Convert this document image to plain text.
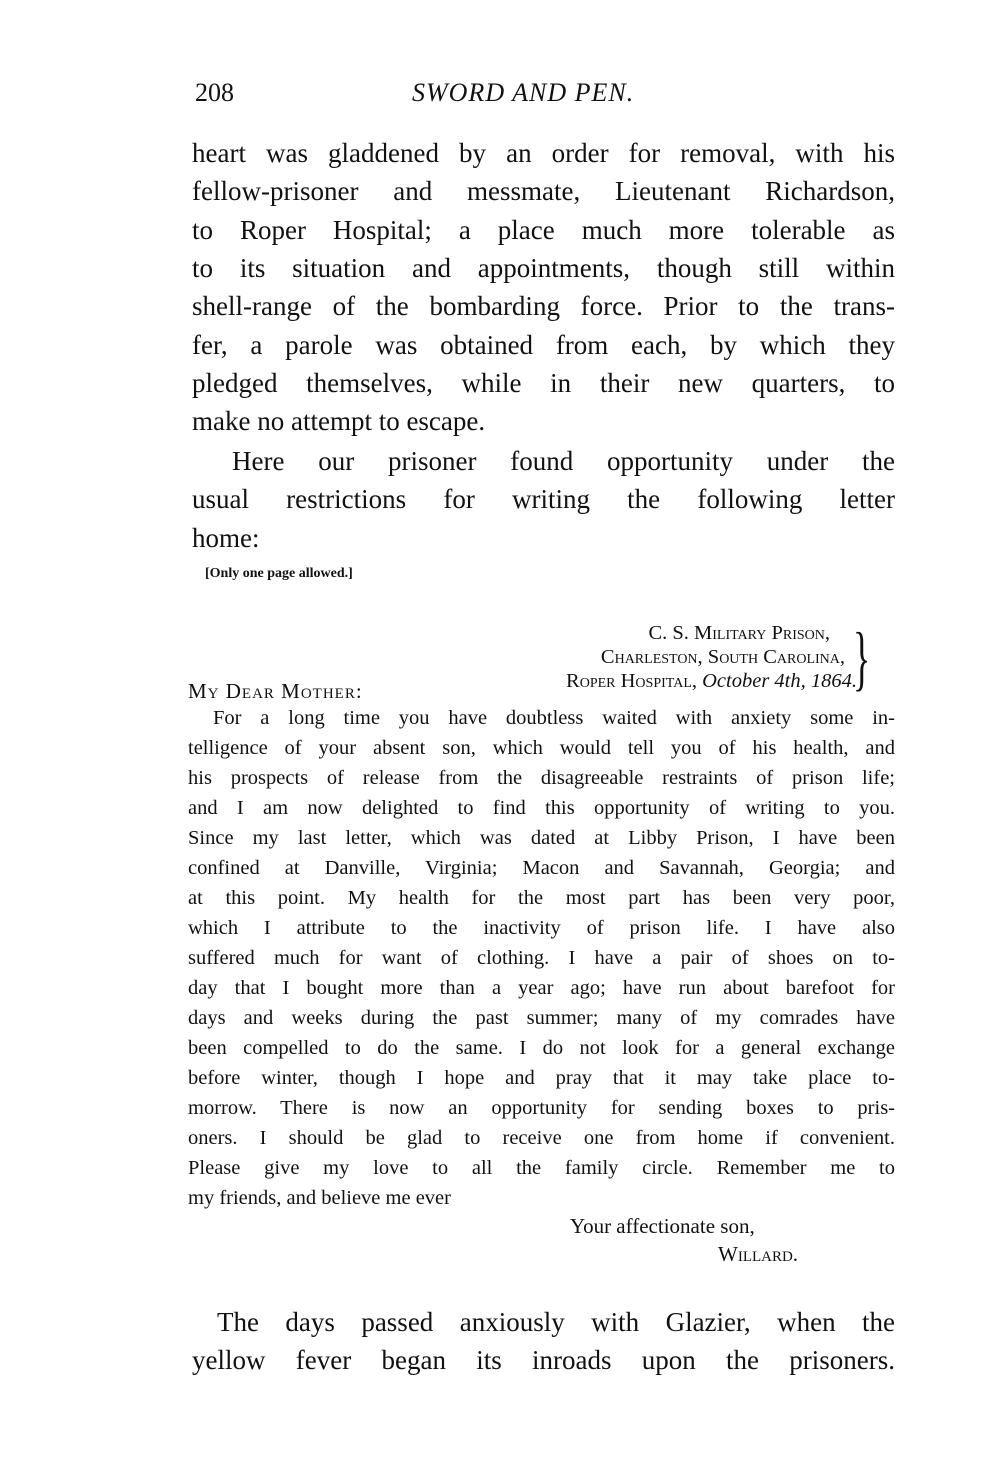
208	SWORD AND PEN.
heart was gladdened by an order for removal, with his
fellow-prisoner and messmate, Lieutenant Richardson,
to Roper Hospital; a place much more tolerable as
to its situation and appointments, though still within
shell-range of the bombarding force. Prior to the trans-
fer, a parole was obtained from each, by which they
pledged themselves, while in their new quarters, to
make no attempt to escape.
Here our prisoner found opportunity under the
usual restrictions for writing the following letter
home:
[Only one page allowed.]
C. S. Military Prison,
Charleston, South Carolina,
Roper Hospital, October 4th, 1864.
}
My Dear Mother:
For a long time you have doubtless waited with anxiety some in-
telligence of your absent son, which would tell you of his health, and
his prospects of release from the disagreeable restraints of prison life;
and I am now delighted to find this opportunity of writing to you.
Since my last letter, which was dated at Libby Prison, I have been
confined at Danville, Virginia; Macon and Savannah, Georgia; and
at this point. My health for the most part has been very poor,
which I attribute to the inactivity of prison life. I have also
suffered much for want of clothing. I have a pair of shoes on to-
day that I bought more than a year ago; have run about barefoot for
days and weeks during the past summer; many of my comrades have
been compelled to do the same. I do not look for a general exchange
before winter, though I hope and pray that it may take place to-
morrow. There is now an opportunity for sending boxes to pris-
oners. I should be glad to receive one from home if convenient.
Please give my love to all the family circle. Remember me to
my friends, and believe me ever
Your affectionate son,
Willard.
The days passed anxiously with Glazier, when the
yellow fever began its inroads upon the prisoners.
